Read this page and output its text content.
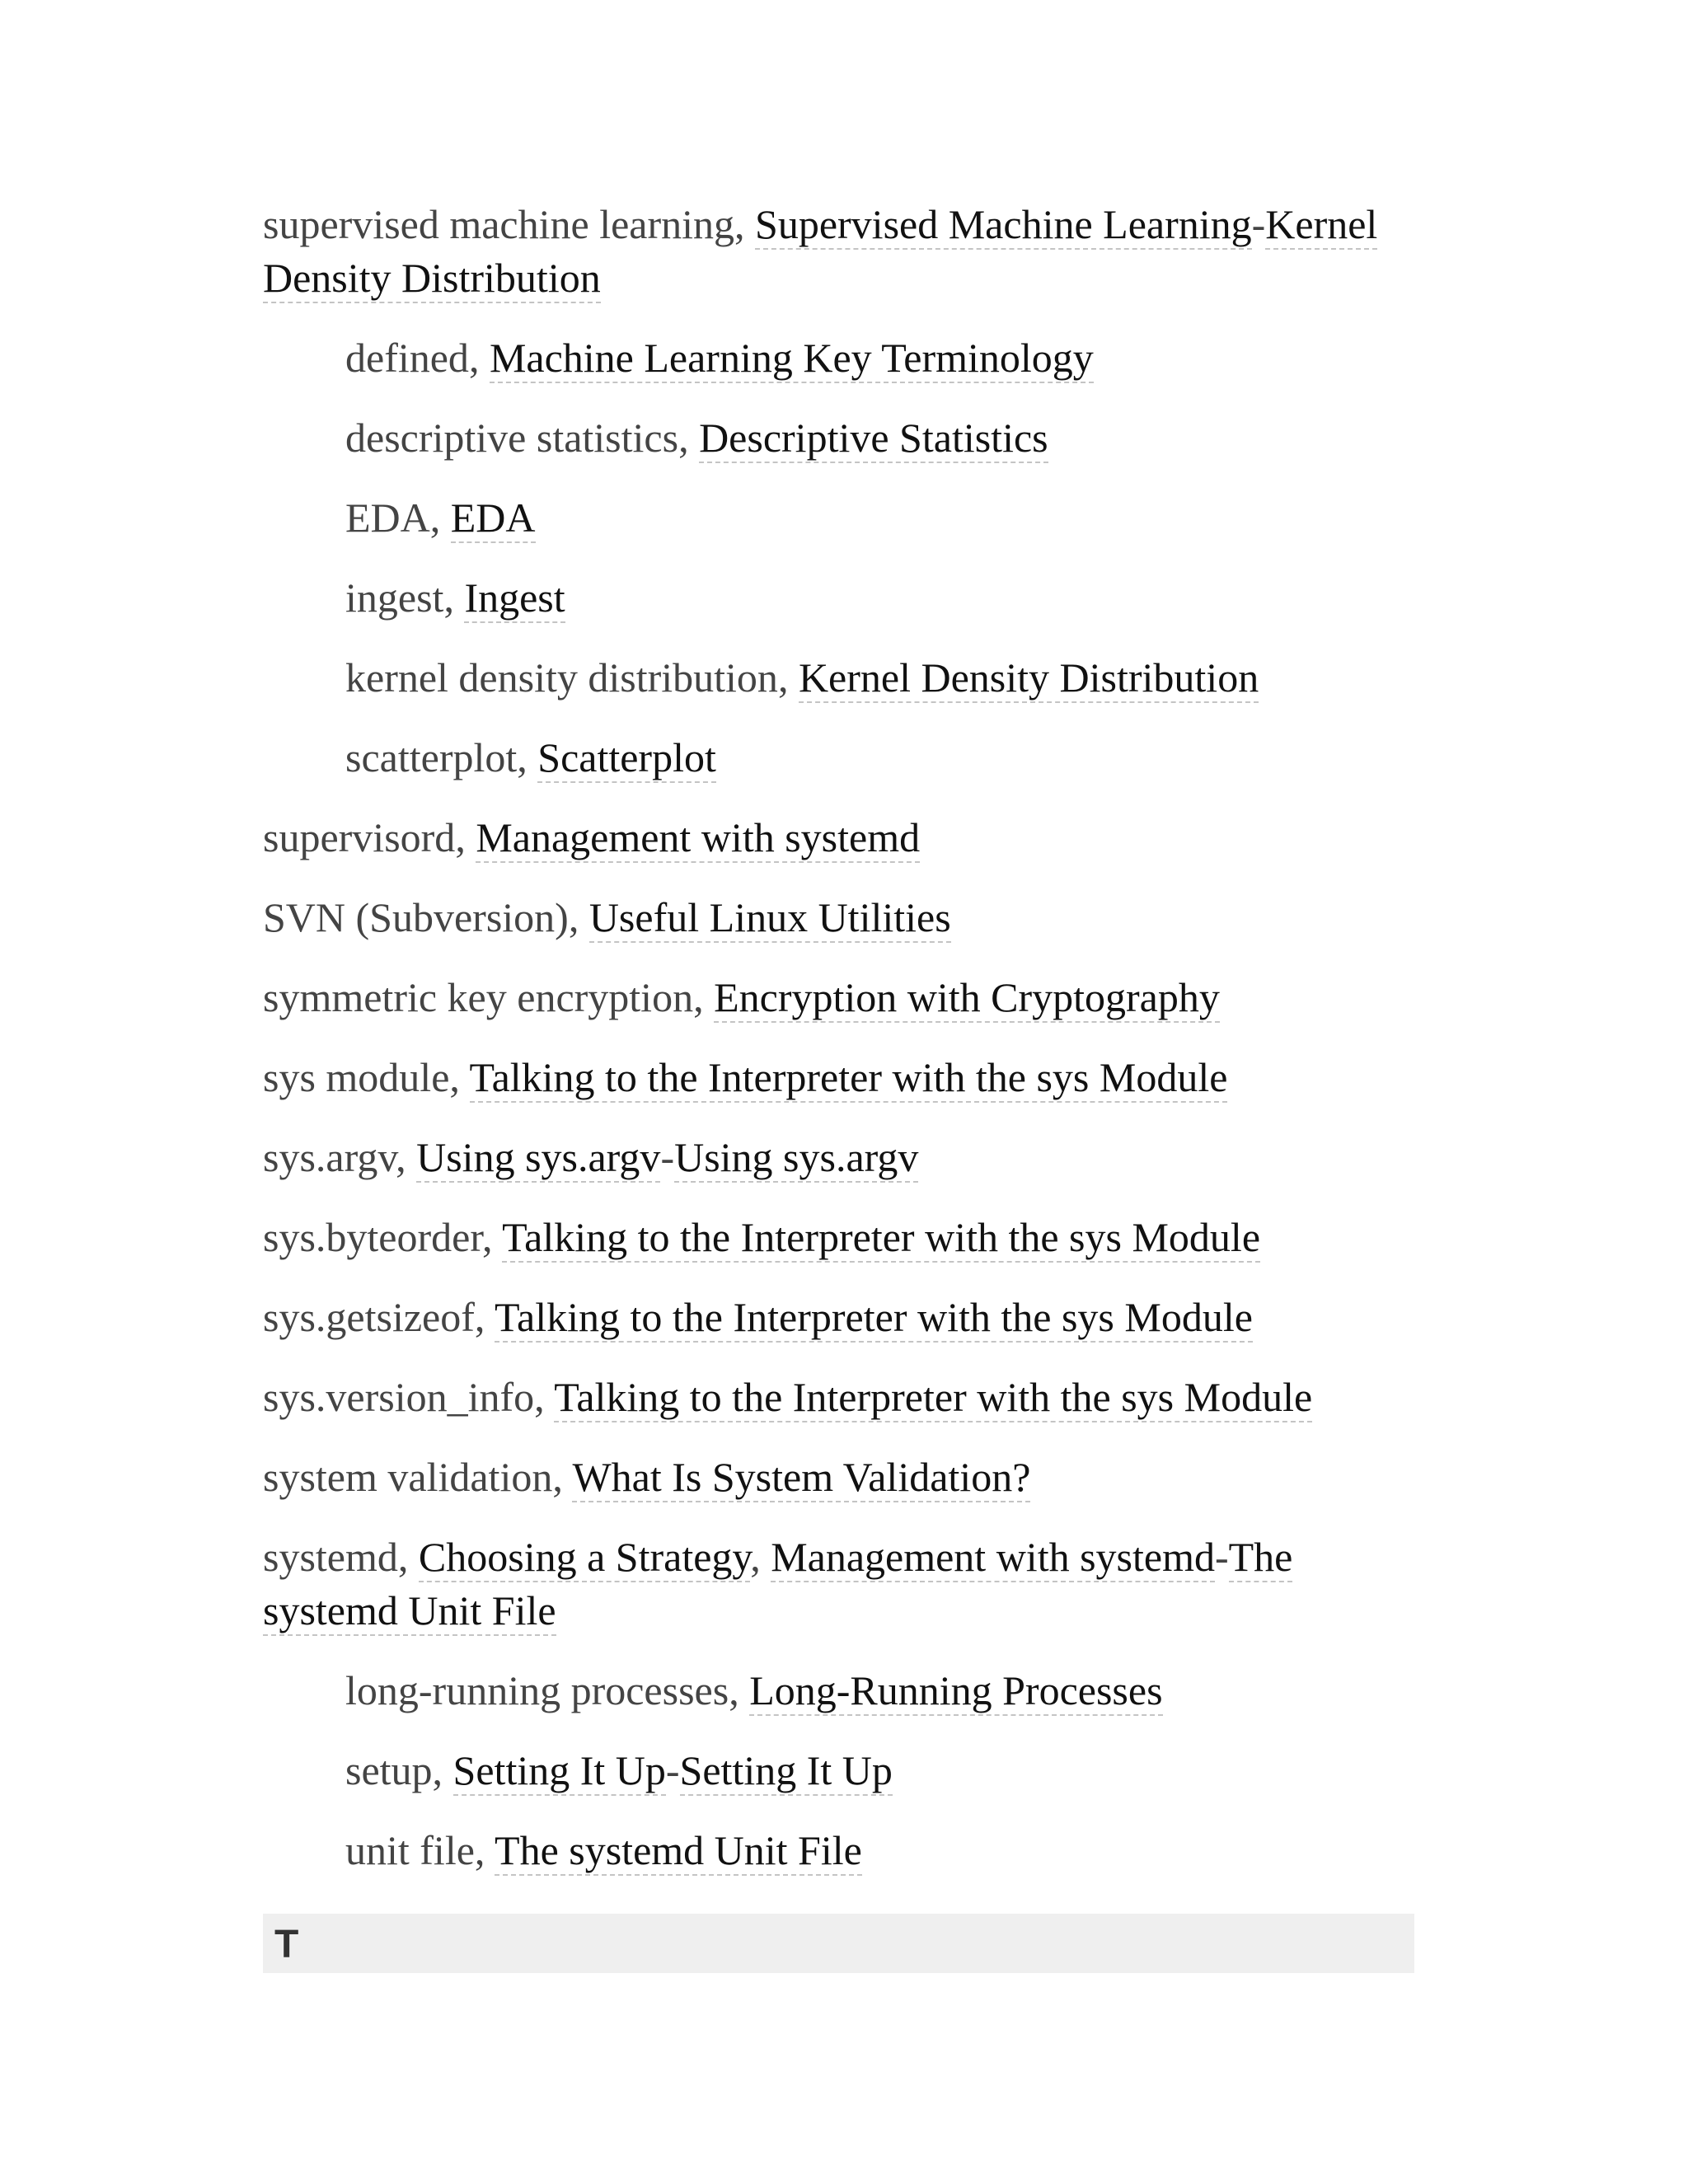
supervised machine learning, Supervised Machine Learning-Kernel Density Distribution
defined, Machine Learning Key Terminology
descriptive statistics, Descriptive Statistics
EDA, EDA
ingest, Ingest
kernel density distribution, Kernel Density Distribution
scatterplot, Scatterplot
supervisord, Management with systemd
SVN (Subversion), Useful Linux Utilities
symmetric key encryption, Encryption with Cryptography
sys module, Talking to the Interpreter with the sys Module
sys.argv, Using sys.argv-Using sys.argv
sys.byteorder, Talking to the Interpreter with the sys Module
sys.getsizeof, Talking to the Interpreter with the sys Module
sys.version_info, Talking to the Interpreter with the sys Module
system validation, What Is System Validation?
systemd, Choosing a Strategy, Management with systemd-The systemd Unit File
long-running processes, Long-Running Processes
setup, Setting It Up-Setting It Up
unit file, The systemd Unit File
T
